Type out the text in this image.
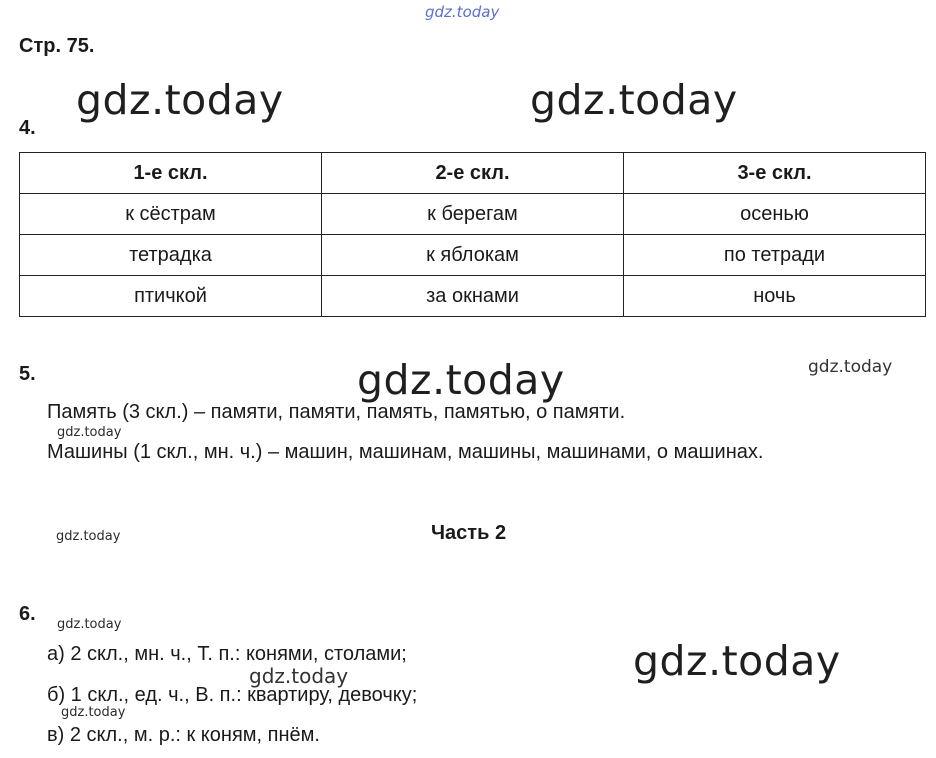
gdz.today
gdz.today	gdz.today
gdz.today
gdz.today
gdz.today
gdz.today
gdz.today
gdz.today
gdz.today
gdz.today
Стр. 75.
4.
1-е скл.	2-е скл.	3-е скл.
к сёстрам	к берегам	осенью
тетрадка	к яблокам	по тетради
птичкой	за окнами	ночь
5.
Память (3 скл.) – памяти, памяти, память, памятью, о памяти.
Машины (1 скл., мн. ч.) – машин, машинам, машины, машинами, о машинах.
Часть 2
6.
а) 2 скл., мн. ч., Т. п.: конями, столами;
б) 1 скл., ед. ч., В. п.: квартиру, девочку;
в) 2 скл., м. р.: к коням, пнём.
